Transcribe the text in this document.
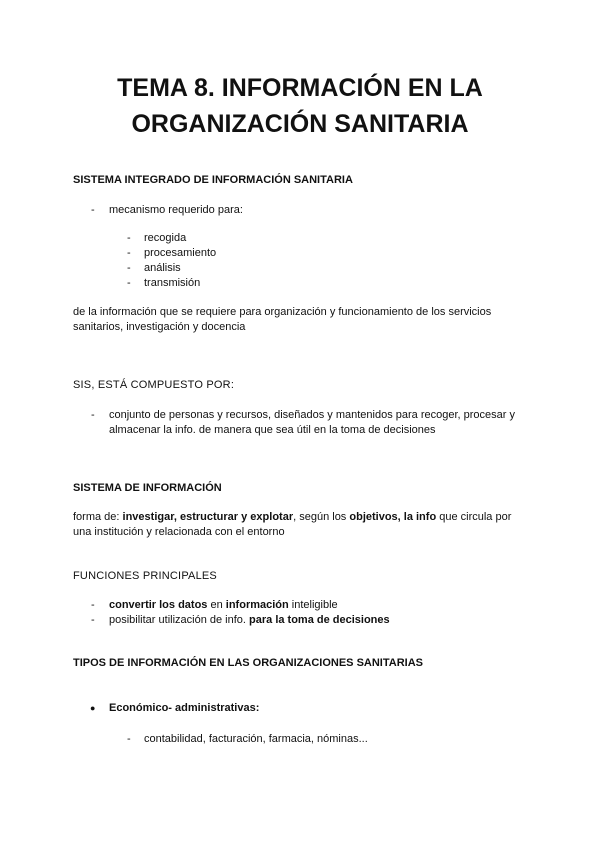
TEMA 8. INFORMACIÓN EN LA
ORGANIZACIÓN SANITARIA

SISTEMA INTEGRADO DE INFORMACIÓN SANITARIA

- mecanismo requerido para:

- recogida

- procesamiento

- análisis

- transmisión

de la información que se requiere para organización y funcionamiento de los servicios

sanitarios, investigación y docencia

SIS, ESTÁ COMPUESTO POR:

- conjunto de personas y recursos, diseñados y mantenidos para recoger, procesar y

almacenar la info. de manera que sea útil en la toma de decisiones

SISTEMA DE INFORMACIÓN

forma de: investigar, estructurar y explotar, según los objetivos, la info que circula por

una institución y relacionada con el entorno

FUNCIONES PRINCIPALES

- convertir los datos en información inteligible

- posibilitar utilización de info. para la toma de decisiones

TIPOS DE INFORMACIÓN EN LAS ORGANIZACIONES SANITARIAS

● Económico- administrativas:

- contabilidad, facturación, farmacia, nóminas...
